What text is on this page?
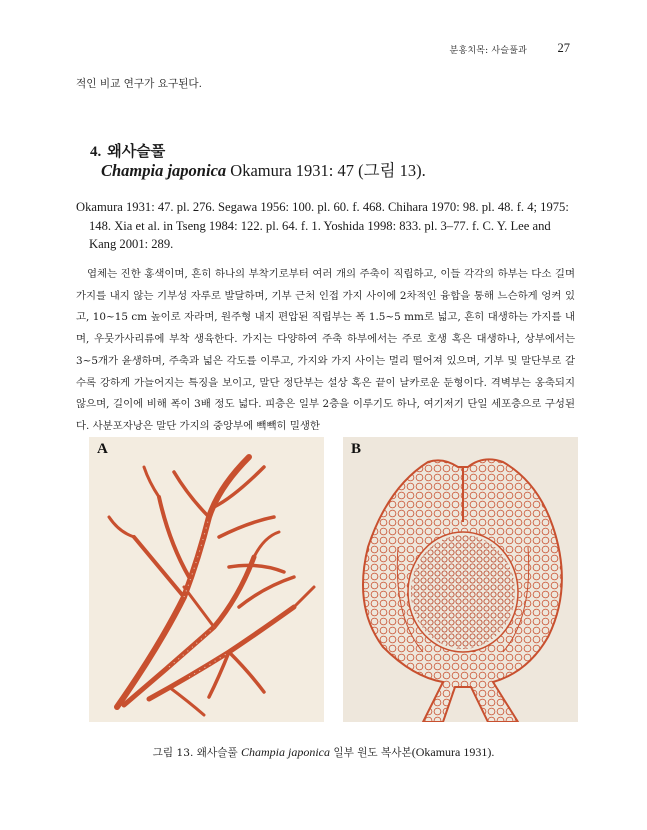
분홍치목: 사슬풀과 27
적인 비교 연구가 요구된다.
4. 왜사슬풀
Champia japonica Okamura 1931: 47 (그림 13).
Okamura 1931: 47. pl. 276. Segawa 1956: 100. pl. 60. f. 468. Chihara 1970: 98. pl. 48. f. 4; 1975: 148. Xia et al. in Tseng 1984: 122. pl. 64. f. 1. Yoshida 1998: 833. pl. 3–77. f. C. Y. Lee and Kang 2001: 289.
엽체는 진한 홍색이며, 흔히 하나의 부착기로부터 여러 개의 주축이 직립하고, 이들 각각의 하부는 다소 길며 가지를 내지 않는 기부성 자루로 발달하며, 기부 근처 인접 가지 사이에 2차적인 융합을 통해 느슨하게 엉켜 있고, 10~15 cm 높이로 자라며, 원주형 내지 편압된 직립부는 폭 1.5~5 mm로 넓고, 흔히 대생하는 가지를 내며, 우뭇가사리류에 부착 생육한다. 가지는 다양하여 주축 하부에서는 주로 호생 혹은 대생하나, 상부에서는 3~5개가 윤생하며, 주축과 넓은 각도를 이루고, 가지와 가지 사이는 멀리 떨어져 있으며, 기부 및 말단부로 갈수록 강하게 가늘어지는 특징을 보이고, 말단 정단부는 설상 혹은 끝이 날카로운 둔형이다. 격벽부는 옹축되지 않으며, 길이에 비해 폭이 3배 정도 넓다. 피층은 일부 2층을 이루기도 하나, 여기저기 단일 세포층으로 구성된다. 사분포자낭은 말단 가지의 중앙부에 빽빽히 밀생한
A	B
그림 13. 왜사슬풀 Champia japonica 일부 원도 복사본(Okamura 1931).
